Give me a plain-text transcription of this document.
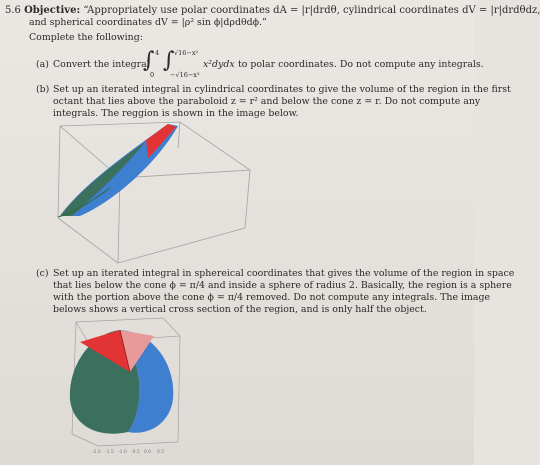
5.6 Objective: “Appropriately use polar coordinates dA = |r|drdθ, cylindrical coordinates dV = |r|drdθdz,
and spherical coordinates dV = |ρ² sin ϕ|dρdθdϕ.”
Complete the following:
(a) Convert the integral
∫ ∫
4
0
√16−x²
−√16−x²
x²dydx to polar coordinates. Do not compute any integrals.
(b) Set up an iterated integral in cylindrical coordinates to give the volume of the region in the first
octant that lies above the paraboloid z = r² and below the cone z = r. Do not compute any
integrals. The reggion is shown in the image below.
(c) Set up an iterated integral in sphereical coordinates that gives the volume of the region in space
that lies below the cone ϕ = π/4 and inside a sphere of radius 2. Basically, the region is a sphere
with the portion above the cone ϕ = π/4 removed. Do not compute any integrals. The image
belows shows a vertical cross section of the region, and is only half the object.
-2.0 -1.5 -1.0 -0.5 0.0 0.5
